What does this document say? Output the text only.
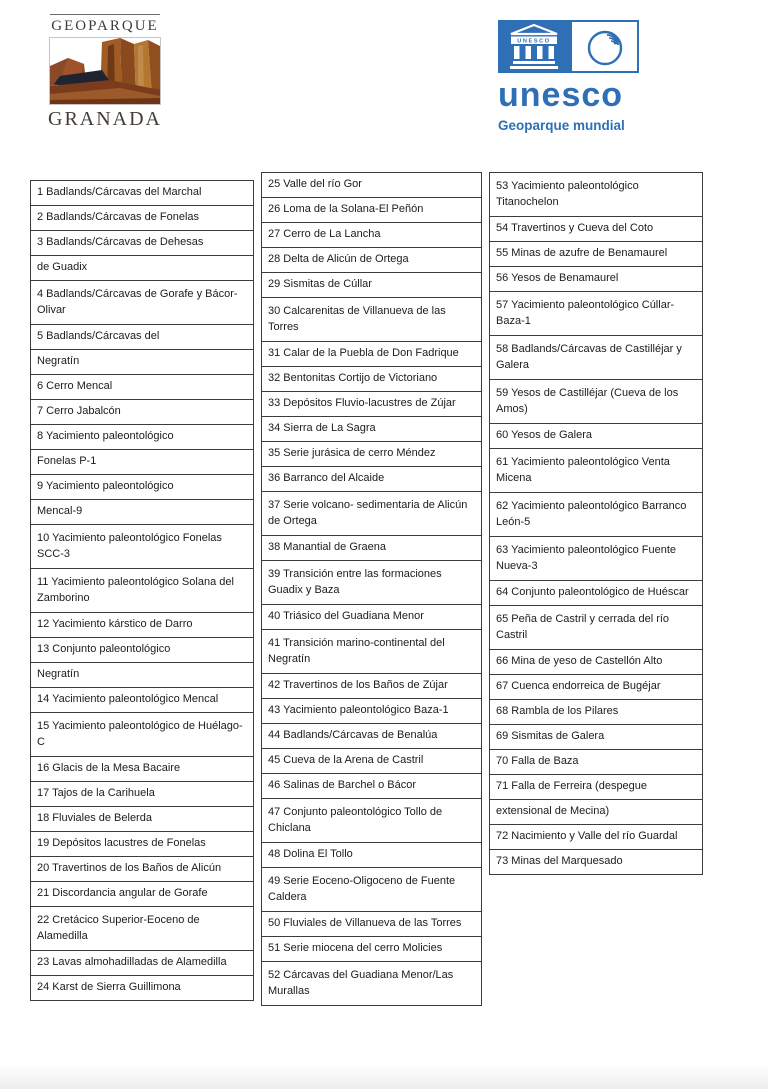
GEOPARQUE
GRANADA
UNESCO
unesco
Geoparque mundial
1 Badlands/Cárcavas del Marchal
2 Badlands/Cárcavas de Fonelas
3 Badlands/Cárcavas de Dehesas
de Guadix
4 Badlands/Cárcavas de Gorafe y Bácor-Olivar
5 Badlands/Cárcavas del
Negratín
6 Cerro Mencal
7 Cerro Jabalcón
8 Yacimiento paleontológico
Fonelas P-1
9 Yacimiento paleontológico
Mencal-9
10 Yacimiento paleontológico Fonelas SCC-3
11 Yacimiento paleontológico Solana del Zamborino
12 Yacimiento kárstico de Darro
13 Conjunto paleontológico
Negratín
14 Yacimiento paleontológico Mencal
15 Yacimiento paleontológico de Huélago-C
16 Glacis de la Mesa Bacaire
17 Tajos de la Carihuela
18 Fluviales de Belerda
19 Depósitos lacustres de Fonelas
20 Travertinos de los Baños de Alicún
21 Discordancia angular de Gorafe
22 Cretácico Superior-Eoceno de Alamedilla
23 Lavas almohadilladas de Alamedilla
24 Karst de Sierra Guillimona
25 Valle del río Gor
26 Loma de la Solana-El Peñón
27 Cerro de La Lancha
28 Delta de Alicún de Ortega
29 Sismitas de Cúllar
30 Calcarenitas de Villanueva de las Torres
31 Calar de la Puebla de Don Fadrique
32 Bentonitas Cortijo de Victoriano
33 Depósitos Fluvio-lacustres de Zújar
34 Sierra de La Sagra
35 Serie jurásica de cerro Méndez
36 Barranco del Alcaide
37 Serie volcano- sedimentaria de Alicún de Ortega
38 Manantial de Graena
39 Transición entre las formaciones Guadix y Baza
40 Triásico del Guadiana Menor
41 Transición marino-continental del Negratín
42 Travertinos de los Baños de Zújar
43 Yacimiento paleontológico Baza-1
44 Badlands/Cárcavas de Benalúa
45 Cueva de la Arena de Castril
46 Salinas de Barchel o Bácor
47 Conjunto paleontológico Tollo de Chiclana
48 Dolina El Tollo
49 Serie Eoceno-Oligoceno de Fuente Caldera
50 Fluviales de Villanueva de las Torres
51 Serie miocena del cerro Molicies
52 Cárcavas del Guadiana Menor/Las Murallas
53 Yacimiento paleontológico Titanochelon
54 Travertinos y Cueva del Coto
55 Minas de azufre de Benamaurel
56 Yesos de Benamaurel
57 Yacimiento paleontológico Cúllar-Baza-1
58 Badlands/Cárcavas de Castilléjar y Galera
59 Yesos de Castilléjar (Cueva de los Amos)
60 Yesos de Galera
61 Yacimiento paleontológico Venta Micena
62 Yacimiento paleontológico Barranco León-5
63 Yacimiento paleontológico Fuente Nueva-3
64 Conjunto paleontológico de Huéscar
65 Peña de Castril y cerrada del río Castril
66 Mina de yeso de Castellón Alto
67 Cuenca endorreica de Bugéjar
68 Rambla de los Pilares
69 Sismitas de Galera
70 Falla de Baza
71 Falla de Ferreira (despegue
extensional de Mecina)
72 Nacimiento y Valle del río Guardal
73 Minas del Marquesado
